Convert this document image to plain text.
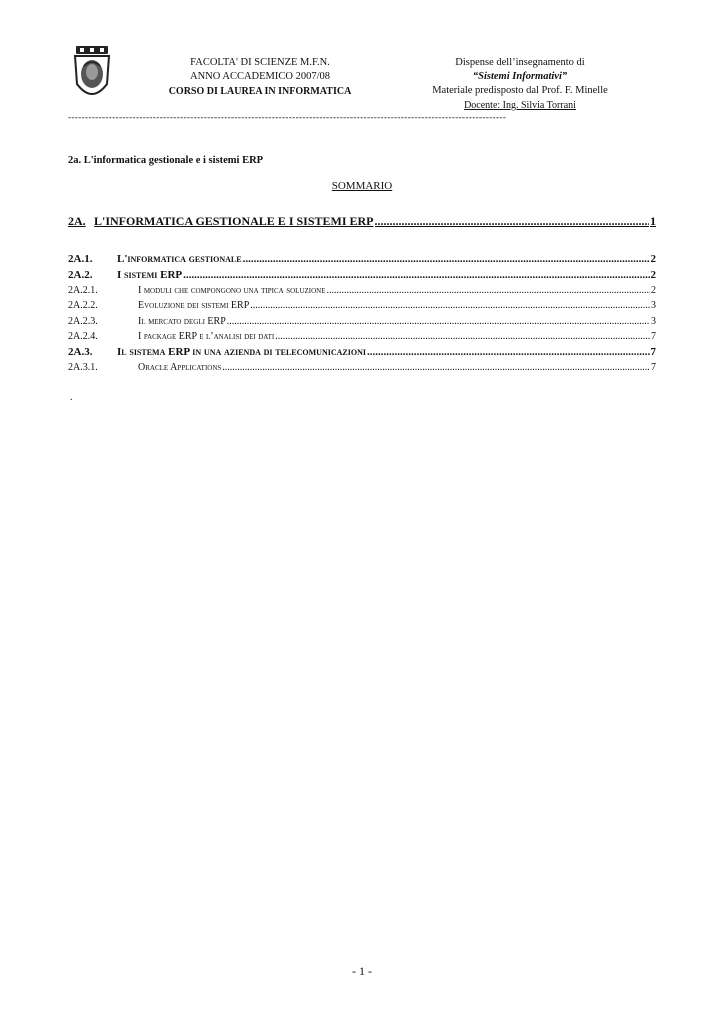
FACOLTA' DI SCIENZE M.F.N.
ANNO ACCADEMICO 2007/08
CORSO DI LAUREA IN INFORMATICA
Dispense dell’insegnamento di
“Sistemi Informativi”
Materiale predisposto dal Prof. F. Minelle
Docente: Ing. Silvia Torrani
---------------------------------------------------------------------------------------------------------------------------------
2a. L'informatica gestionale e i sistemi ERP
SOMMARIO
2A. L'INFORMATICA GESTIONALE E I SISTEMI ERP .....	1
2A.1.	L'informatica gestionale .....	2
2A.2.	I sistemi ERP .....	2
2A.2.1.	I moduli che compongono una tipica soluzione .....	2
2A.2.2.	Evoluzione dei sistemi ERP .....	3
2A.2.3.	Il mercato degli ERP .....	3
2A.2.4.	I package ERP e l’analisi dei dati .....	7
2A.3.	Il sistema ERP in una azienda di telecomunicazioni .....	7
2A.3.1.	Oracle Applications .....	7
.
- 1 -
